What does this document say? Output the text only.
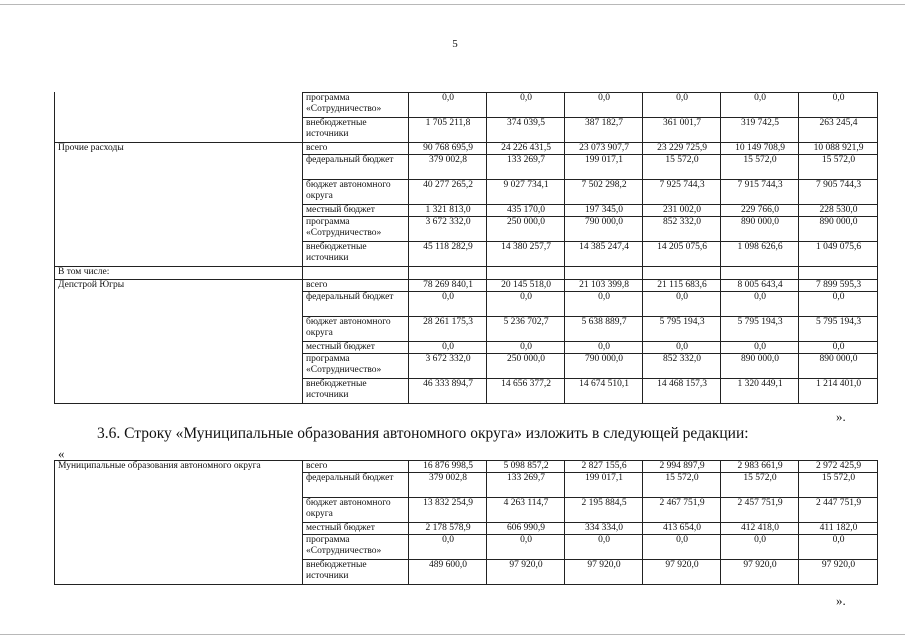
5
	программа «Сотрудничество»	0,0	0,0	0,0	0,0	0,0	0,0
	внебюджетные источники	1 705 211,8	374 039,5	387 182,7	361 001,7	319 742,5	263 245,4
Прочие расходы	всего	90 768 695,9	24 226 431,5	23 073 907,7	23 229 725,9	10 149 708,9	10 088 921,9
	федеральный бюджет	379 002,8	133 269,7	199 017,1	15 572,0	15 572,0	15 572,0
	бюджет автономного округа	40 277 265,2	9 027 734,1	7 502 298,2	7 925 744,3	7 915 744,3	7 905 744,3
	местный бюджет	1 321 813,0	435 170,0	197 345,0	231 002,0	229 766,0	228 530,0
	программа «Сотрудничество»	3 672 332,0	250 000,0	790 000,0	852 332,0	890 000,0	890 000,0
	внебюджетные источники	45 118 282,9	14 380 257,7	14 385 247,4	14 205 075,6	1 098 626,6	1 049 075,6
В том числе:							
Депстрой Югры	всего	78 269 840,1	20 145 518,0	21 103 399,8	21 115 683,6	8 005 643,4	7 899 595,3
	федеральный бюджет	0,0	0,0	0,0	0,0	0,0	0,0
	бюджет автономного округа	28 261 175,3	5 236 702,7	5 638 889,7	5 795 194,3	5 795 194,3	5 795 194,3
	местный бюджет	0,0	0,0	0,0	0,0	0,0	0,0
	программа «Сотрудничество»	3 672 332,0	250 000,0	790 000,0	852 332,0	890 000,0	890 000,0
	внебюджетные источники	46 333 894,7	14 656 377,2	14 674 510,1	14 468 157,3	1 320 449,1	1 214 401,0
».
3.6. Строку «Муниципальные образования автономного округа» изложить в следующей редакции:
«
Муниципальные образования автономного округа	всего	16 876 998,5	5 098 857,2	2 827 155,6	2 994 897,9	2 983 661,9	2 972 425,9
	федеральный бюджет	379 002,8	133 269,7	199 017,1	15 572,0	15 572,0	15 572,0
	бюджет автономного округа	13 832 254,9	4 263 114,7	2 195 884,5	2 467 751,9	2 457 751,9	2 447 751,9
	местный бюджет	2 178 578,9	606 990,9	334 334,0	413 654,0	412 418,0	411 182,0
	программа «Сотрудничество»	0,0	0,0	0,0	0,0	0,0	0,0
	внебюджетные источники	489 600,0	97 920,0	97 920,0	97 920,0	97 920,0	97 920,0
».
